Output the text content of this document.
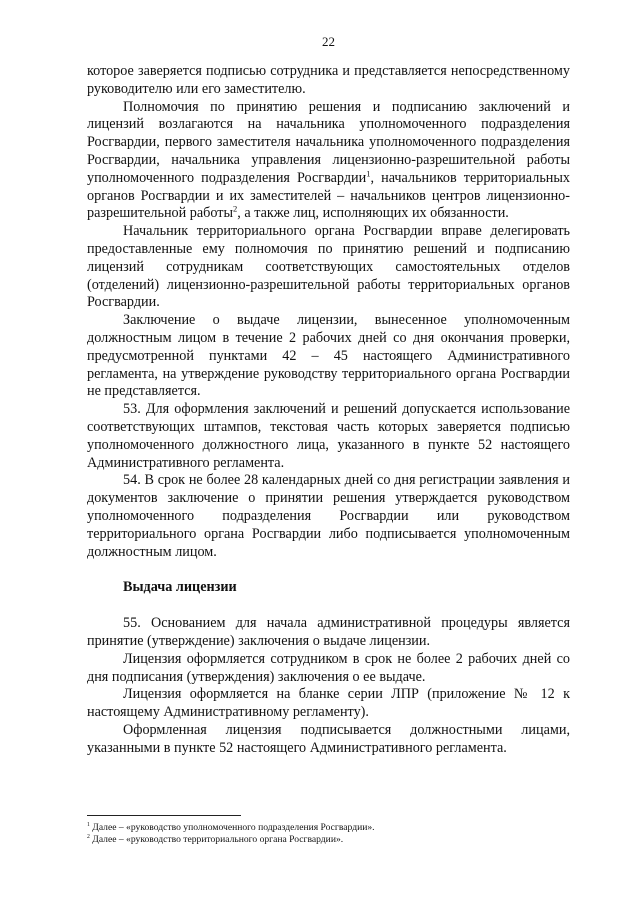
22

которое заверяется подписью сотрудника и представляется непосредственному руководителю или его заместителю.

Полномочия по принятию решения и подписанию заключений и лицензий возлагаются на начальника уполномоченного подразделения Росгвардии, первого заместителя начальника уполномоченного подразделения Росгвардии, начальника управления лицензионно-разрешительной работы уполномоченного подразделения Росгвардии$^1$, начальников территориальных органов Росгвардии и их заместителей – начальников центров лицензионно-разрешительной работы$^2$, а также лиц, исполняющих их обязанности.

Начальник территориального органа Росгвардии вправе делегировать предоставленные ему полномочия по принятию решений и подписанию лицензий сотрудникам соответствующих самостоятельных отделов (отделений) лицензионно-разрешительной работы территориальных органов Росгвардии.

Заключение о выдаче лицензии, вынесенное уполномоченным должностным лицом в течение 2 рабочих дней со дня окончания проверки, предусмотренной пунктами 42 – 45 настоящего Административного регламента, на утверждение руководству территориального органа Росгвардии не представляется.

53. Для оформления заключений и решений допускается использование соответствующих штампов, текстовая часть которых заверяется подписью уполномоченного должностного лица, указанного в пункте 52 настоящего Административного регламента.

54. В срок не более 28 календарных дней со дня регистрации заявления и документов заключение о принятии решения утверждается руководством уполномоченного подразделения Росгвардии или руководством территориального органа Росгвардии либо подписывается уполномоченным должностным лицом.

Выдача лицензии

55. Основанием для начала административной процедуры является принятие (утверждение) заключения о выдаче лицензии.

Лицензия оформляется сотрудником в срок не более 2 рабочих дней со дня подписания (утверждения) заключения о ее выдаче.

Лицензия оформляется на бланке серии ЛПР (приложение № 12 к настоящему Административному регламенту).

Оформленная лицензия подписывается должностными лицами, указанными в пункте 52 настоящего Административного регламента.

$^1$ Далее – «руководство уполномоченного подразделения Росгвардии».

$^2$ Далее – «руководство территориального органа Росгвардии».
